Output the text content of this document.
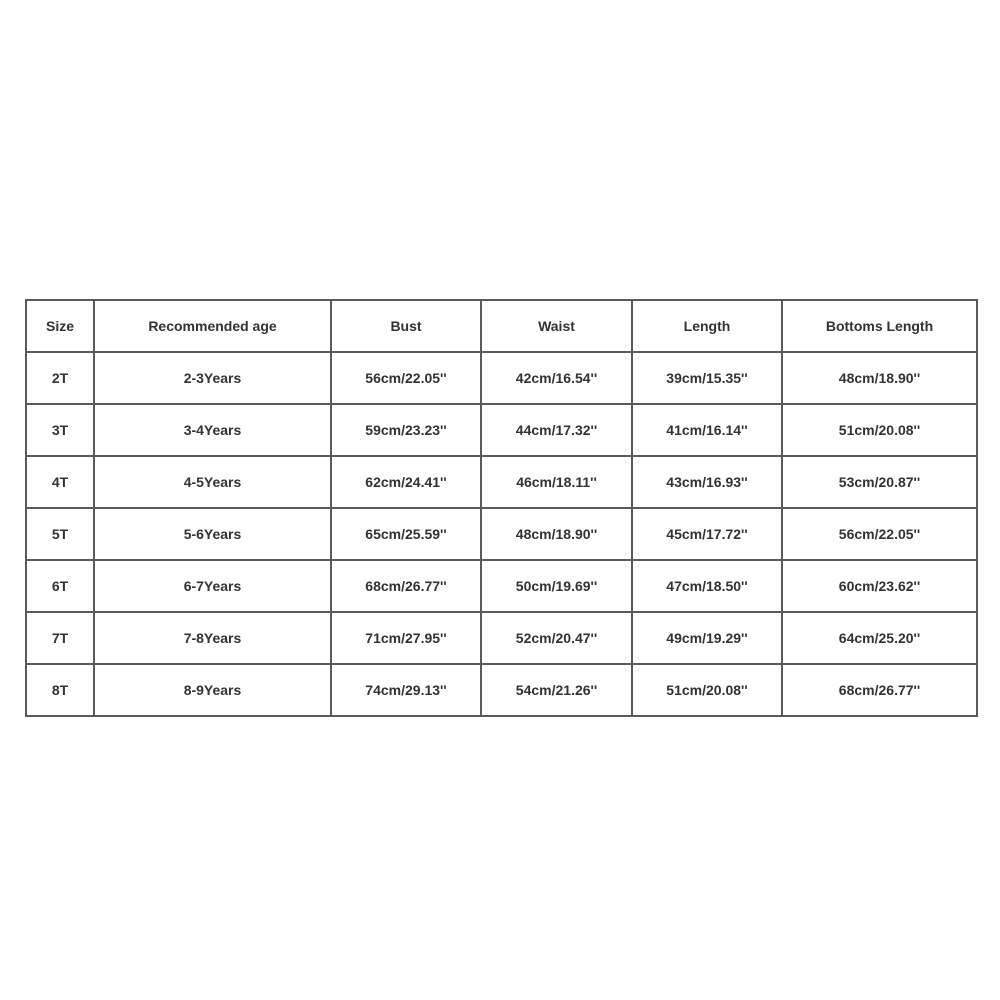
Size	Recommended age	Bust	Waist	Length	Bottoms Length
2T	2-3Years	56cm/22.05''	42cm/16.54''	39cm/15.35''	48cm/18.90''
3T	3-4Years	59cm/23.23''	44cm/17.32''	41cm/16.14''	51cm/20.08''
4T	4-5Years	62cm/24.41''	46cm/18.11''	43cm/16.93''	53cm/20.87''
5T	5-6Years	65cm/25.59''	48cm/18.90''	45cm/17.72''	56cm/22.05''
6T	6-7Years	68cm/26.77''	50cm/19.69''	47cm/18.50''	60cm/23.62''
7T	7-8Years	71cm/27.95''	52cm/20.47''	49cm/19.29''	64cm/25.20''
8T	8-9Years	74cm/29.13''	54cm/21.26''	51cm/20.08''	68cm/26.77''
